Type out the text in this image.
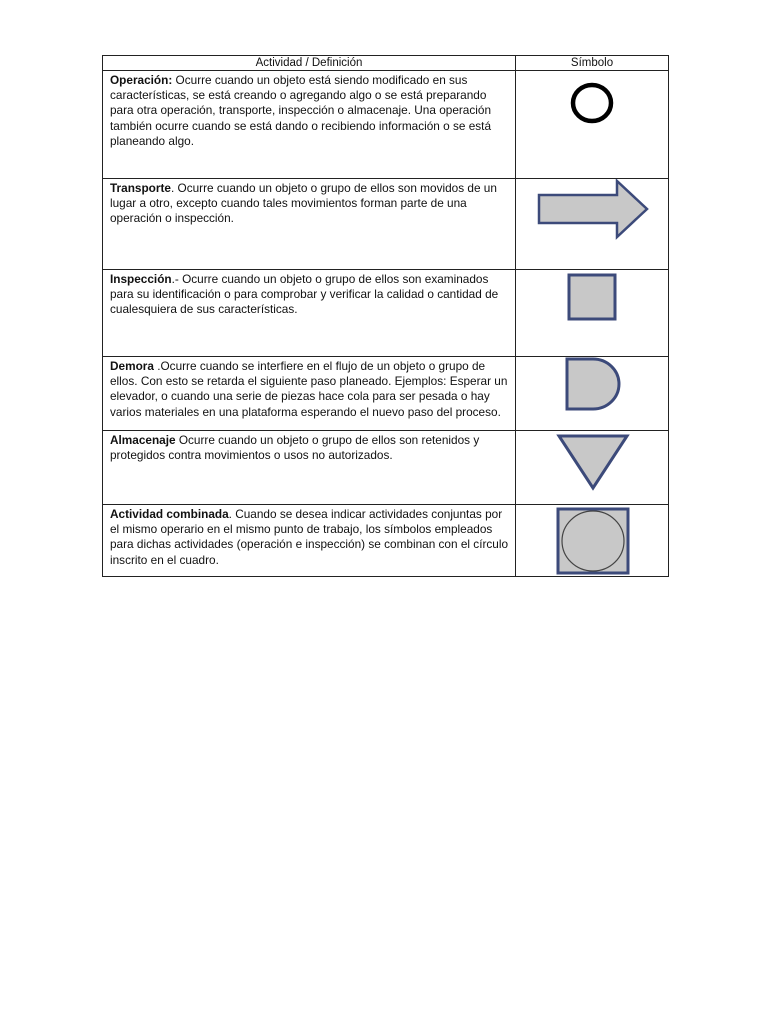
Actividad / Definición	Símbolo
Operación: Ocurre cuando un objeto está siendo modificado en sus características, se está creando o agregando algo o se está preparando para otra operación, transporte, inspección o almacenaje. Una operación también ocurre cuando se está dando o recibiendo información o se está planeando algo.	

Transporte. Ocurre cuando un objeto o grupo de ellos son movidos de un lugar a otro, excepto cuando tales movimientos forman parte de una operación o inspección.	

Inspección.- Ocurre cuando un objeto o grupo de ellos son examinados para su identificación o para comprobar y verificar la calidad o cantidad de cualesquiera de sus características.	

Demora .Ocurre cuando se interfiere en el flujo de un objeto o grupo de ellos. Con esto se retarda el siguiente paso planeado. Ejemplos: Esperar un elevador, o cuando una serie de piezas hace cola para ser pesada o hay varios materiales en una plataforma esperando el nuevo paso del proceso.	

Almacenaje Ocurre cuando un objeto o grupo de ellos son retenidos y protegidos contra movimientos o usos no autorizados.	

Actividad combinada. Cuando se desea indicar actividades conjuntas por el mismo operario en el mismo punto de trabajo, los símbolos empleados para dichas actividades (operación e inspección) se combinan con el círculo inscrito en el cuadro.	
